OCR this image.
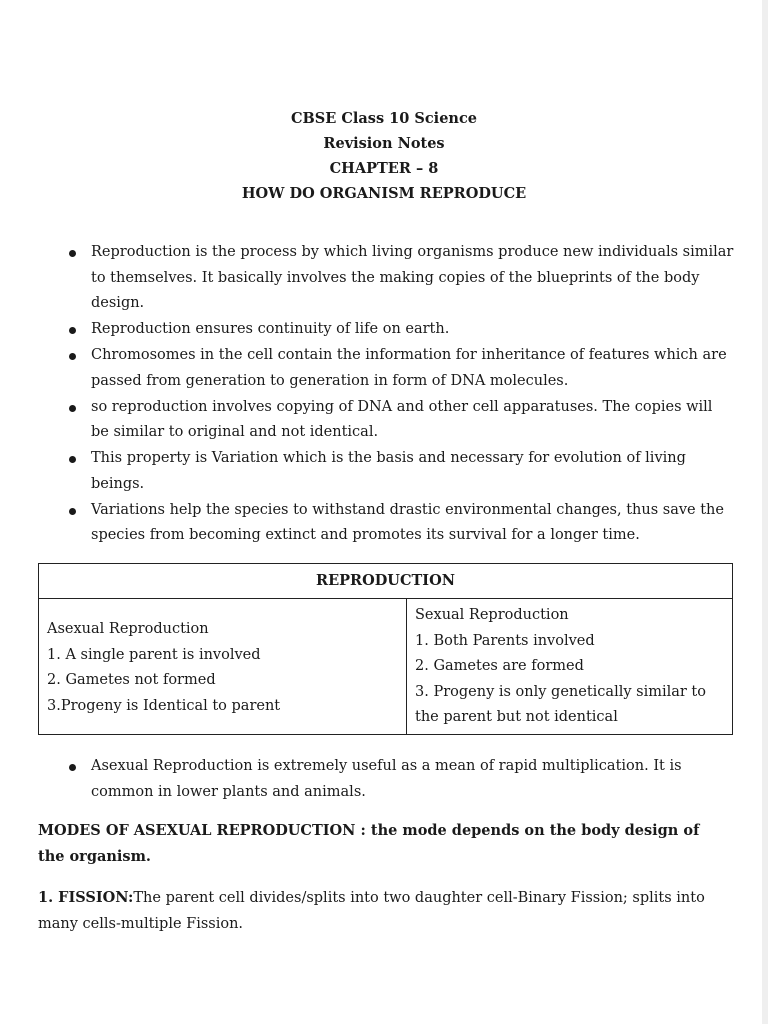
CBSE Class 10 Science
Revision Notes
CHAPTER – 8
HOW DO ORGANISM REPRODUCE
Reproduction is the process by which living organisms produce new individuals similar to themselves. It basically involves the making copies of the blueprints of the body design.
Reproduction ensures continuity of life on earth.
Chromosomes in the cell contain the information for inheritance of features which are passed from generation to generation in form of DNA molecules.
so reproduction involves copying of DNA and other cell apparatuses. The copies will be similar to original and not identical.
This property is Variation which is the basis and necessary for evolution of living beings.
Variations help the species to withstand drastic environmental changes, thus save the species from becoming extinct and promotes its survival for a longer time.
REPRODUCTION
Asexual Reproduction
1. A single parent is involved
2. Gametes not formed
3.Progeny is Identical to parent
Sexual Reproduction
1. Both Parents involved
2. Gametes are formed
3. Progeny is only genetically similar to
the parent but not identical
Asexual Reproduction is extremely useful as a mean of rapid multiplication. It is common in lower plants and animals.
MODES OF ASEXUAL REPRODUCTION : the mode depends on the body design of the organism.
1. FISSION:The parent cell divides/splits into two daughter cell-Binary Fission; splits into many cells-multiple Fission.
